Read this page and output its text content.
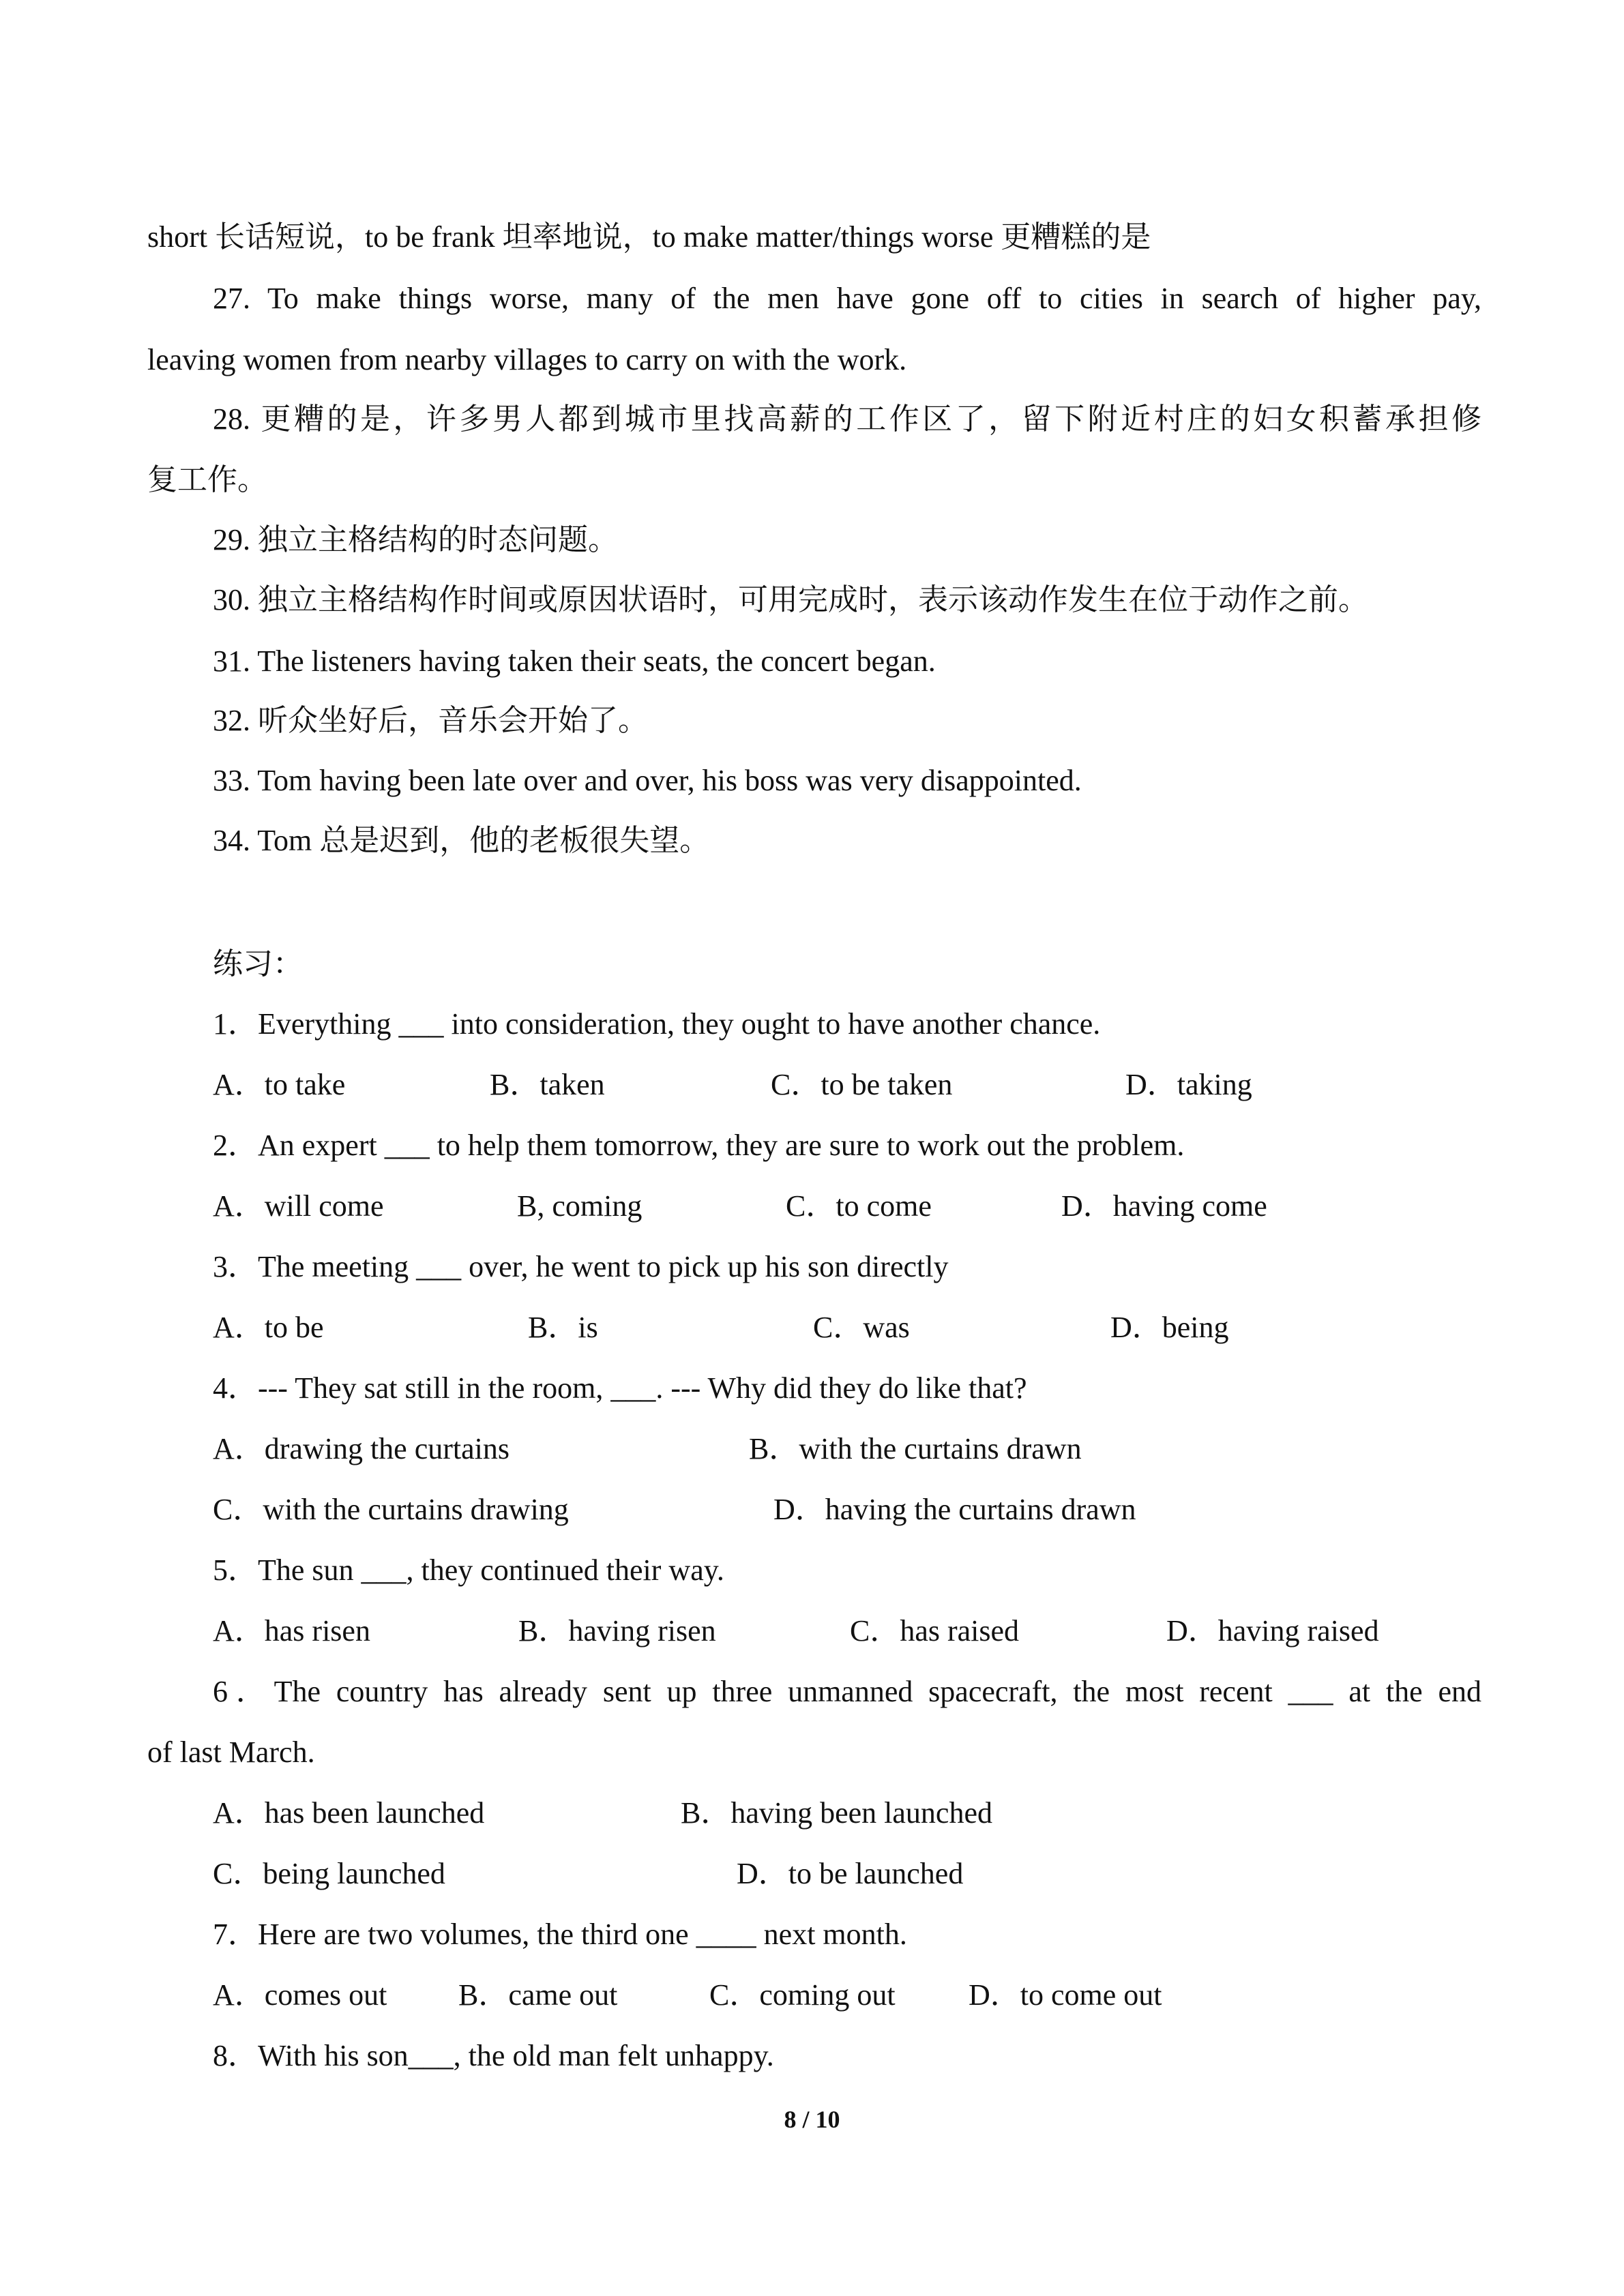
short 长话短说，to be frank 坦率地说，to make matter/things worse 更糟糕的是
27. To make things worse, many of the men have gone off to cities in search of higher pay,
leaving women from nearby villages to carry on with the work.
28. 更糟的是，许多男人都到城市里找高薪的工作区了，留下附近村庄的妇女积蓄承担修
复工作。
29. 独立主格结构的时态问题。
30. 独立主格结构作时间或原因状语时，可用完成时，表示该动作发生在位于动作之前。
31. The listeners having taken their seats, the concert began.
32. 听众坐好后，音乐会开始了。
33. Tom having been late over and over, his boss was very disappointed.
34. Tom 总是迟到，他的老板很失望。
练习：
1．Everything ___ into consideration, they ought to have another chance.
A．to take	B．taken	C．to be taken	D．taking
2．An expert ___ to help them tomorrow, they are sure to work out the problem.
A．will come	B, coming	C．to come	D．having come
3．The meeting ___ over, he went to pick up his son directly
A．to be	B．is	C．was	D．being
4．--- They sat still in the room, ___. --- Why did they do like that?
A．drawing the curtains	B．with the curtains drawn
C．with the curtains drawing	D．having the curtains drawn
5．The sun ___, they continued their way.
A．has risen	B．having risen	C．has raised	D．having raised
6．The country has already sent up three unmanned spacecraft, the most recent ___ at the end
of last March.
A．has been launched	B．having been launched
C．being launched	D．to be launched
7．Here are two volumes, the third one ____ next month.
A．comes out B．came out	C．coming out D．to come out
8．With his son___, the old man felt unhappy.
8 / 10
